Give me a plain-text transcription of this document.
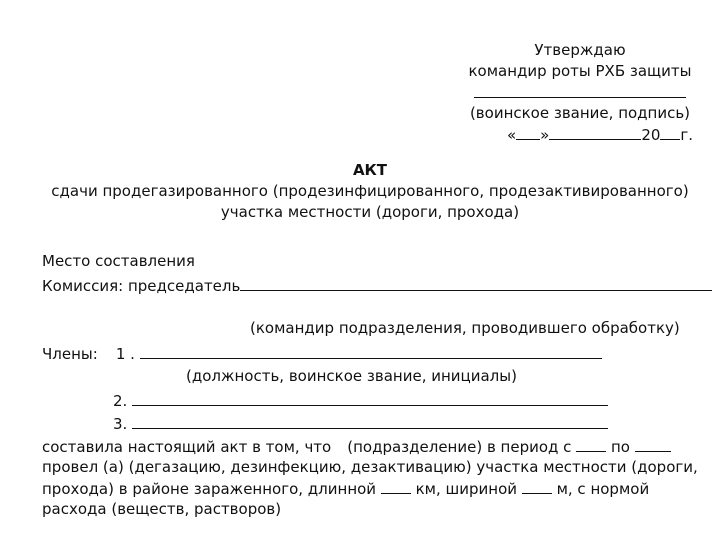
Утверждаю
командир роты РХБ защиты
(воинское звание, подпись)
« »	20 г.
АКТ
сдачи продегазированного (продезинфицированного, продезактивированного)
участка местности (дороги, прохода)
Место составления
Комиссия: председатель
(командир подразделения, проводившего обработку)
Члены: 1 .
(должность, воинское звание, инициалы)
2.
3.
составила настоящий акт в том, что (подразделение) в период с	по
провел (а) (дегазацию, дезинфекцию, дезактивацию) участка местности (дороги,
прохода) в районе зараженного, длинной	км, шириной	м, с нормой
расхода (веществ, растворов)
